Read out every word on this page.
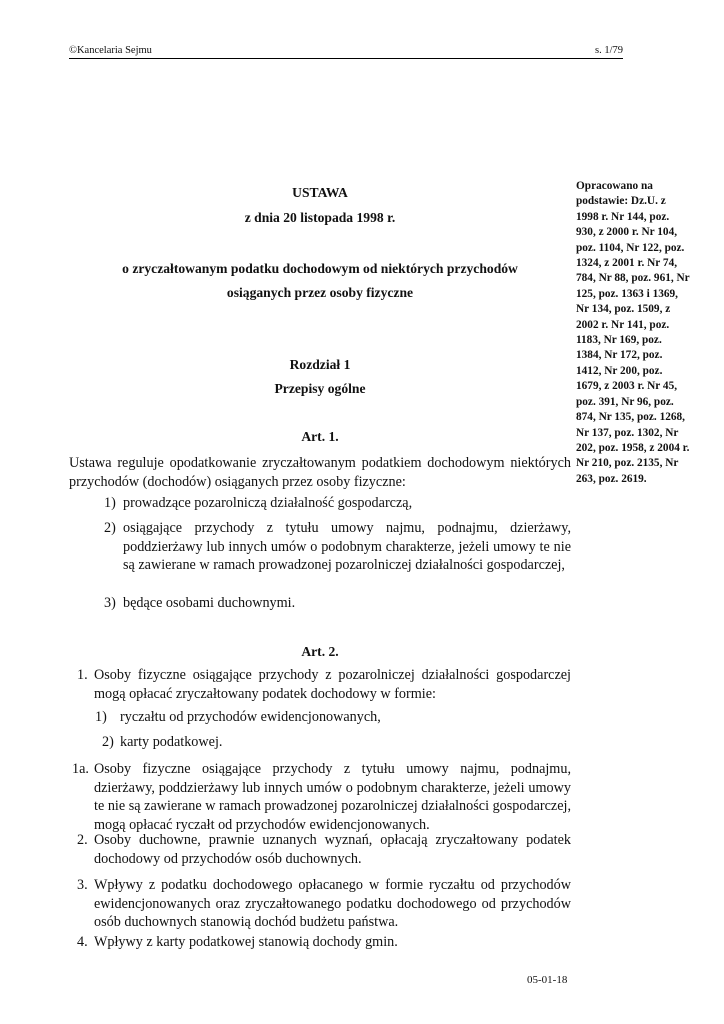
©Kancelaria Sejmu	s. 1/79
Opracowano na podstawie: Dz.U. z 1998 r. Nr 144, poz. 930, z 2000 r. Nr 104, poz. 1104, Nr 122, poz. 1324, z 2001 r. Nr 74, 784, Nr 88, poz. 961, Nr 125, poz. 1363 i 1369, Nr 134, poz. 1509, z 2002 r. Nr 141, poz. 1183, Nr 169, poz. 1384, Nr 172, poz. 1412, Nr 200, poz. 1679, z 2003 r. Nr 45, poz. 391, Nr 96, poz. 874, Nr 135, poz. 1268, Nr 137, poz. 1302, Nr 202, poz. 1958, z 2004 r. Nr 210, poz. 2135, Nr 263, poz. 2619.
USTAWA
z dnia 20 listopada 1998 r.
o zryczałtowanym podatku dochodowym od niektórych przychodów
osiąganych przez osoby fizyczne
Rozdział 1
Przepisy ogólne
Art. 1.
Ustawa reguluje opodatkowanie zryczałtowanym podatkiem dochodowym niektórych przychodów (dochodów) osiąganych przez osoby fizyczne:
1) prowadzące pozarolniczą działalność gospodarczą,
2) osiągające przychody z tytułu umowy najmu, podnajmu, dzierżawy, poddzierżawy lub innych umów o podobnym charakterze, jeżeli umowy te nie są zawierane w ramach prowadzonej pozarolniczej działalności gospodarczej,
3) będące osobami duchownymi.
Art. 2.
1. Osoby fizyczne osiągające przychody z pozarolniczej działalności gospodarczej mogą opłacać zryczałtowany podatek dochodowy w formie:
1) ryczałtu od przychodów ewidencjonowanych,
2) karty podatkowej.
1a. Osoby fizyczne osiągające przychody z tytułu umowy najmu, podnajmu, dzierżawy, poddzierżawy lub innych umów o podobnym charakterze, jeżeli umowy te nie są zawierane w ramach prowadzonej pozarolniczej działalności gospodarczej, mogą opłacać ryczałt od przychodów ewidencjonowanych.
2. Osoby duchowne, prawnie uznanych wyznań, opłacają zryczałtowany podatek dochodowy od przychodów osób duchownych.
3. Wpływy z podatku dochodowego opłacanego w formie ryczałtu od przychodów ewidencjonowanych oraz zryczałtowanego podatku dochodowego od przychodów osób duchownych stanowią dochód budżetu państwa.
4. Wpływy z karty podatkowej stanowią dochody gmin.
05-01-18
